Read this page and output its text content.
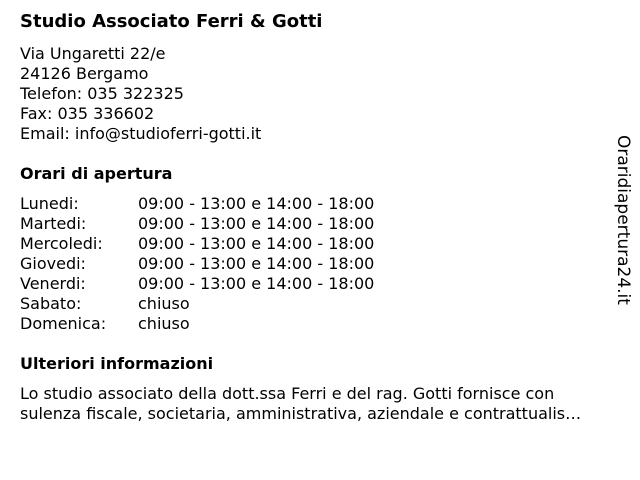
Studio Associato Ferri & Gotti
Via Ungaretti 22/e
24126 Bergamo
Telefon: 035 322325
Fax: 035 336602
Email: info@studioferri-gotti.it
Orari di apertura
Lunedi:	09:00 - 13:00 e 14:00 - 18:00
Martedi:	09:00 - 13:00 e 14:00 - 18:00
Mercoledi:	09:00 - 13:00 e 14:00 - 18:00
Giovedi:	09:00 - 13:00 e 14:00 - 18:00
Venerdi:	09:00 - 13:00 e 14:00 - 18:00
Sabato:	chiuso
Domenica:	chiuso
Ulteriori informazioni
Lo studio associato della dott.ssa Ferri e del rag. Gotti fornisce con
sulenza fiscale, societaria, amministrativa, aziendale e contrattualis…
Oraridiapertura24.it
